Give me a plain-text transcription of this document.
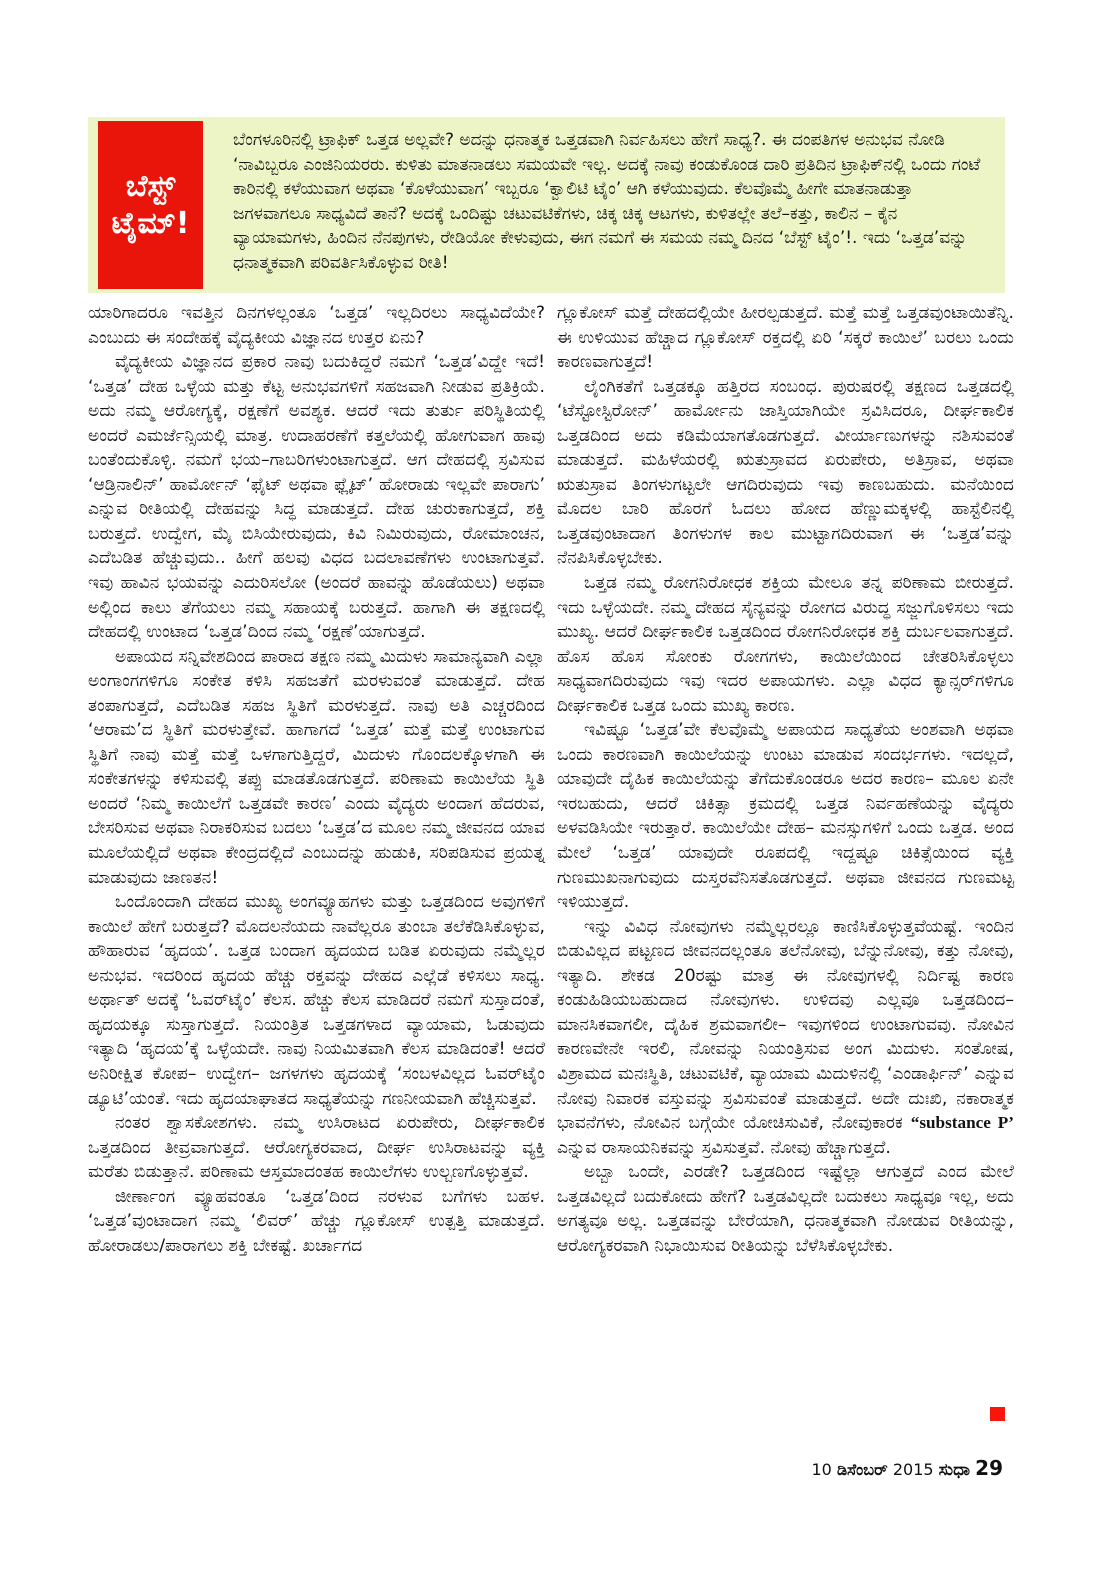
ಬೆಸ್ಟ್
ಟೈಮ್!

ಬೆಂಗಳೂರಿನಲ್ಲಿ ಟ್ರಾಫಿಕ್ ಒತ್ತಡ ಅಲ್ಲವೇ? ಅದನ್ನು ಧನಾತ್ಮಕ ಒತ್ತಡವಾಗಿ ನಿರ್ವಹಿಸಲು ಹೇಗೆ ಸಾಧ್ಯ?. ಈ ದಂಪತಿಗಳ ಅನುಭವ ನೋಡಿ ‘ನಾವಿಬ್ಬರೂ ಎಂಜಿನಿಯರರು. ಕುಳಿತು ಮಾತನಾಡಲು ಸಮಯವೇ ಇಲ್ಲ. ಅದಕ್ಕೆ ನಾವು ಕಂಡುಕೊಂಡ ದಾರಿ ಪ್ರತಿದಿನ ಟ್ರಾಫಿಕ್‌ನಲ್ಲಿ ಒಂದು ಗಂಟೆ ಕಾರಿನಲ್ಲಿ ಕಳೆಯುವಾಗ ಅಥವಾ ‘ಕೊಳೆಯುವಾಗ’ ಇಬ್ಬರೂ ‘ಕ್ವಾಲಿಟಿ ಟೈಂ’ ಆಗಿ ಕಳೆಯುವುದು. ಕೆಲವೊಮ್ಮೆ ಹೀಗೇ ಮಾತನಾಡುತ್ತಾ ಜಗಳವಾಗಲೂ ಸಾಧ್ಯವಿದೆ ತಾನೆ? ಅದಕ್ಕೆ ಒಂದಿಷ್ಟು ಚಟುವಟಿಕೆಗಳು, ಚಿಕ್ಕ ಚಿಕ್ಕ ಆಟಗಳು, ಕುಳಿತಲ್ಲೇ ತಲೆ–ಕತ್ತು, ಕಾಲಿನ – ಕೈನ ವ್ಯಾಯಾಮಗಳು, ಹಿಂದಿನ ನೆನಪುಗಳು, ರೇಡಿಯೋ ಕೇಳುವುದು, ಈಗ ನಮಗೆ ಈ ಸಮಯ ನಮ್ಮ ದಿನದ ‘ಬೆಸ್ಟ್ ಟೈಂ’!. ಇದು ‘ಒತ್ತಡ’ವನ್ನು ಧನಾತ್ಮಕವಾಗಿ ಪರಿವರ್ತಿಸಿಕೊಳ್ಳುವ ರೀತಿ!

ಯಾರಿಗಾದರೂ ಇವತ್ತಿನ ದಿನಗಳಲ್ಲಂತೂ ‘ಒತ್ತಡ’ ಇಲ್ಲದಿರಲು ಸಾಧ್ಯವಿದೆಯೇ? ಎಂಬುದು ಈ ಸಂದೇಹಕ್ಕೆ ವೈದ್ಯಕೀಯ ವಿಜ್ಞಾನದ ಉತ್ತರ ಏನು?

ವೈದ್ಯಕೀಯ ವಿಜ್ಞಾನದ ಪ್ರಕಾರ ನಾವು ಬದುಕಿದ್ದರೆ ನಮಗೆ ‘ಒತ್ತಡ’ವಿದ್ದೇ ಇದೆ! ‘ಒತ್ತಡ’ ದೇಹ ಒಳ್ಳೆಯ ಮತ್ತು ಕೆಟ್ಟ ಅನುಭವಗಳಿಗೆ ಸಹಜವಾಗಿ ನೀಡುವ ಪ್ರತಿಕ್ರಿಯೆ. ಅದು ನಮ್ಮ ಆರೋಗ್ಯಕ್ಕೆ, ರಕ್ಷಣೆಗೆ ಅವಶ್ಯಕ. ಆದರೆ ಇದು ತುರ್ತು ಪರಿಸ್ಥಿತಿಯಲ್ಲಿ ಅಂದರೆ ಎಮರ್ಜೆನ್ಸಿಯಲ್ಲಿ ಮಾತ್ರ. ಉದಾಹರಣೆಗೆ ಕತ್ತಲೆಯಲ್ಲಿ ಹೋಗುವಾಗ ಹಾವು ಬಂತೆಂದುಕೊಳ್ಳಿ. ನಮಗೆ ಭಯ–ಗಾಬರಿಗಳುಂಟಾಗುತ್ತದೆ. ಆಗ ದೇಹದಲ್ಲಿ ಸ್ರವಿಸುವ ‘ಆಡ್ರಿನಾಲಿನ್’ ಹಾರ್ಮೋನ್ ‘ಫೈಟ್ ಅಥವಾ ಫ್ಲೈಟ್’ ಹೋರಾಡು ಇಲ್ಲವೇ ಪಾರಾಗು’ ಎನ್ನುವ ರೀತಿಯಲ್ಲಿ ದೇಹವನ್ನು ಸಿದ್ಧ ಮಾಡುತ್ತದೆ. ದೇಹ ಚುರುಕಾಗುತ್ತದೆ, ಶಕ್ತಿ ಬರುತ್ತದೆ. ಉದ್ವೇಗ, ಮೈ ಬಿಸಿಯೇರುವುದು, ಕಿವಿ ನಿಮಿರುವುದು, ರೋಮಾಂಚನ, ಎದೆಬಡಿತ ಹೆಚ್ಚುವುದು.. ಹೀಗೆ ಹಲವು ವಿಧದ ಬದಲಾವಣೆಗಳು ಉಂಟಾಗುತ್ತವೆ. ಇವು ಹಾವಿನ ಭಯವನ್ನು ಎದುರಿಸಲೋ (ಅಂದರೆ ಹಾವನ್ನು ಹೊಡೆಯಲು) ಅಥವಾ ಅಲ್ಲಿಂದ ಕಾಲು ತೆಗೆಯಲು ನಮ್ಮ ಸಹಾಯಕ್ಕೆ ಬರುತ್ತದೆ. ಹಾಗಾಗಿ ಈ ತಕ್ಷಣದಲ್ಲಿ ದೇಹದಲ್ಲಿ ಉಂಟಾದ ‘ಒತ್ತಡ’ದಿಂದ ನಮ್ಮ ‘ರಕ್ಷಣೆ’ಯಾಗುತ್ತದೆ.

ಅಪಾಯದ ಸನ್ನಿವೇಶದಿಂದ ಪಾರಾದ ತಕ್ಷಣ ನಮ್ಮ ಮಿದುಳು ಸಾಮಾನ್ಯವಾಗಿ ಎಲ್ಲಾ ಅಂಗಾಂಗಗಳಿಗೂ ಸಂಕೇತ ಕಳಿಸಿ ಸಹಜತೆಗೆ ಮರಳುವಂತೆ ಮಾಡುತ್ತದೆ. ದೇಹ ತಂಪಾಗುತ್ತದೆ, ಎದೆಬಡಿತ ಸಹಜ ಸ್ಥಿತಿಗೆ ಮರಳುತ್ತದೆ. ನಾವು ಅತಿ ಎಚ್ಚರದಿಂದ ‘ಆರಾಮ’ದ ಸ್ಥಿತಿಗೆ ಮರಳುತ್ತೇವೆ. ಹಾಗಾಗದೆ ‘ಒತ್ತಡ’ ಮತ್ತೆ ಮತ್ತೆ ಉಂಟಾಗುವ ಸ್ಥಿತಿಗೆ ನಾವು ಮತ್ತೆ ಮತ್ತೆ ಒಳಗಾಗುತ್ತಿದ್ದರೆ, ಮಿದುಳು ಗೊಂದಲಕ್ಕೊಳಗಾಗಿ ಈ ಸಂಕೇತಗಳನ್ನು ಕಳಿಸುವಲ್ಲಿ ತಪ್ಪು ಮಾಡತೊಡಗುತ್ತದೆ. ಪರಿಣಾಮ ಕಾಯಿಲೆಯ ಸ್ಥಿತಿ ಅಂದರೆ ‘ನಿಮ್ಮ ಕಾಯಿಲೆಗೆ ಒತ್ತಡವೇ ಕಾರಣ’ ಎಂದು ವೈದ್ಯರು ಅಂದಾಗ ಹೆದರುವ, ಬೇಸರಿಸುವ ಅಥವಾ ನಿರಾಕರಿಸುವ ಬದಲು ‘ಒತ್ತಡ’ದ ಮೂಲ ನಮ್ಮ ಜೀವನದ ಯಾವ ಮೂಲೆಯಲ್ಲಿದೆ ಅಥವಾ ಕೇಂದ್ರದಲ್ಲಿದೆ ಎಂಬುದನ್ನು ಹುಡುಕಿ, ಸರಿಪಡಿಸುವ ಪ್ರಯತ್ನ ಮಾಡುವುದು ಜಾಣತನ!

ಒಂದೊಂದಾಗಿ ದೇಹದ ಮುಖ್ಯ ಅಂಗವ್ಯೂಹಗಳು ಮತ್ತು ಒತ್ತಡದಿಂದ ಅವುಗಳಿಗೆ ಕಾಯಿಲೆ ಹೇಗೆ ಬರುತ್ತದೆ? ಮೊದಲನೆಯದು ನಾವೆಲ್ಲರೂ ತುಂಬಾ ತಲೆಕೆಡಿಸಿಕೊಳ್ಳುವ, ಹೌಹಾರುವ ‘ಹೃದಯ’. ಒತ್ತಡ ಬಂದಾಗ ಹೃದಯದ ಬಡಿತ ಏರುವುದು ನಮ್ಮೆಲ್ಲರ ಅನುಭವ. ಇದರಿಂದ ಹೃದಯ ಹೆಚ್ಚು ರಕ್ತವನ್ನು ದೇಹದ ಎಲ್ಲೆಡೆ ಕಳಿಸಲು ಸಾಧ್ಯ. ಅರ್ಥಾತ್ ಅದಕ್ಕೆ ‘ಓವರ್‌ಟೈಂ’ ಕೆಲಸ. ಹೆಚ್ಚು ಕೆಲಸ ಮಾಡಿದರೆ ನಮಗೆ ಸುಸ್ತಾದಂತೆ, ಹೃದಯಕ್ಕೂ ಸುಸ್ತಾಗುತ್ತದೆ. ನಿಯಂತ್ರಿತ ಒತ್ತಡಗಳಾದ ವ್ಯಾಯಾಮ, ಓಡುವುದು ಇತ್ಯಾದಿ ‘ಹೃದಯ’ಕ್ಕೆ ಒಳ್ಳೆಯದೇ. ನಾವು ನಿಯಮಿತವಾಗಿ ಕೆಲಸ ಮಾಡಿದಂತೆ! ಆದರೆ ಅನಿರೀಕ್ಷಿತ ಕೋಪ– ಉದ್ವೇಗ– ಜಗಳಗಳು ಹೃದಯಕ್ಕೆ ‘ಸಂಬಳವಿಲ್ಲದ ಓವರ್‌ಟೈಂ ಡ್ಯೂಟಿ’ಯಂತೆ. ಇದು ಹೃದಯಾಘಾತದ ಸಾಧ್ಯತೆಯನ್ನು ಗಣನೀಯವಾಗಿ ಹೆಚ್ಚಿಸುತ್ತವೆ.

ನಂತರ ಶ್ವಾಸಕೋಶಗಳು. ನಮ್ಮ ಉಸಿರಾಟದ ಏರುಪೇರು, ದೀರ್ಘಕಾಲಿಕ ಒತ್ತಡದಿಂದ ತೀವ್ರವಾಗುತ್ತದೆ. ಆರೋಗ್ಯಕರವಾದ, ದೀರ್ಘ ಉಸಿರಾಟವನ್ನು ವ್ಯಕ್ತಿ ಮರೆತು ಬಿಡುತ್ತಾನೆ. ಪರಿಣಾಮ ಆಸ್ತಮಾದಂತಹ ಕಾಯಿಲೆಗಳು ಉಲ್ಬಣಗೊಳ್ಳುತ್ತವೆ.

ಜೀರ್ಣಾಂಗ ವ್ಯೂಹವಂತೂ ‘ಒತ್ತಡ’ದಿಂದ ನರಳುವ ಬಗೆಗಳು ಬಹಳ. ‘ಒತ್ತಡ’ವುಂಟಾದಾಗ ನಮ್ಮ ‘ಲಿವರ್’ ಹೆಚ್ಚು ಗ್ಲೂಕೋಸ್ ಉತ್ಪತ್ತಿ ಮಾಡುತ್ತದೆ. ಹೋರಾಡಲು/ಪಾರಾಗಲು ಶಕ್ತಿ ಬೇಕಷ್ಟೆ. ಖರ್ಚಾಗದ

ಗ್ಲೂಕೋಸ್ ಮತ್ತೆ ದೇಹದಲ್ಲಿಯೇ ಹೀರಲ್ಪಡುತ್ತದೆ. ಮತ್ತೆ ಮತ್ತೆ ಒತ್ತಡವುಂಟಾಯಿತೆನ್ನಿ. ಈ ಉಳಿಯುವ ಹೆಚ್ಚಾದ ಗ್ಲೂಕೋಸ್ ರಕ್ತದಲ್ಲಿ ಏರಿ ‘ಸಕ್ಕರೆ ಕಾಯಿಲೆ’ ಬರಲು ಒಂದು ಕಾರಣವಾಗುತ್ತದೆ!

ಲೈಂಗಿಕತೆಗೆ ಒತ್ತಡಕ್ಕೂ ಹತ್ತಿರದ ಸಂಬಂಧ. ಪುರುಷರಲ್ಲಿ ತಕ್ಷಣದ ಒತ್ತಡದಲ್ಲಿ ‘ಟೆಸ್ಟೋಸ್ಟಿರೋನ್’ ಹಾರ್ಮೋನು ಜಾಸ್ತಿಯಾಗಿಯೇ ಸ್ರವಿಸಿದರೂ, ದೀರ್ಘಕಾಲಿಕ ಒತ್ತಡದಿಂದ ಅದು ಕಡಿಮೆಯಾಗತೊಡಗುತ್ತದೆ. ವೀರ್ಯಾಣುಗಳನ್ನು ನಶಿಸುವಂತೆ ಮಾಡುತ್ತದೆ. ಮಹಿಳೆಯರಲ್ಲಿ ಋತುಸ್ರಾವದ ಏರುಪೇರು, ಅತಿಸ್ರಾವ, ಅಥವಾ ಋತುಸ್ರಾವ ತಿಂಗಳುಗಟ್ಟಲೇ ಆಗದಿರುವುದು ಇವು ಕಾಣಬಹುದು. ಮನೆಯಿಂದ ಮೊದಲ ಬಾರಿ ಹೊರಗೆ ಓದಲು ಹೋದ ಹೆಣ್ಣುಮಕ್ಕಳಲ್ಲಿ ಹಾಸ್ಟೆಲಿನಲ್ಲಿ ಒತ್ತಡವುಂಟಾದಾಗ ತಿಂಗಳುಗಳ ಕಾಲ ಮುಟ್ಟಾಗದಿರುವಾಗ ಈ ‘ಒತ್ತಡ’ವನ್ನು ನೆನಪಿಸಿಕೊಳ್ಳಬೇಕು.

ಒತ್ತಡ ನಮ್ಮ ರೋಗನಿರೋಧಕ ಶಕ್ತಿಯ ಮೇಲೂ ತನ್ನ ಪರಿಣಾಮ ಬೀರುತ್ತದೆ. ಇದು ಒಳ್ಳೆಯದೇ. ನಮ್ಮ ದೇಹದ ಸೈನ್ಯವನ್ನು ರೋಗದ ವಿರುದ್ಧ ಸಜ್ಜುಗೊಳಿಸಲು ಇದು ಮುಖ್ಯ. ಆದರೆ ದೀರ್ಘಕಾಲಿಕ ಒತ್ತಡದಿಂದ ರೋಗನಿರೋಧಕ ಶಕ್ತಿ ದುರ್ಬಲವಾಗುತ್ತದೆ. ಹೊಸ ಹೊಸ ಸೋಂಕು ರೋಗಗಳು, ಕಾಯಿಲೆಯಿಂದ ಚೇತರಿಸಿಕೊಳ್ಳಲು ಸಾಧ್ಯವಾಗದಿರುವುದು ಇವು ಇದರ ಅಪಾಯಗಳು. ಎಲ್ಲಾ ವಿಧದ ಕ್ಯಾನ್ಸರ್‌ಗಳಿಗೂ ದೀರ್ಘಕಾಲಿಕ ಒತ್ತಡ ಒಂದು ಮುಖ್ಯ ಕಾರಣ.

ಇವಿಷ್ಟೂ ‘ಒತ್ತಡ’ವೇ ಕೆಲವೊಮ್ಮೆ ಅಪಾಯದ ಸಾಧ್ಯತೆಯ ಅಂಶವಾಗಿ ಅಥವಾ ಒಂದು ಕಾರಣವಾಗಿ ಕಾಯಿಲೆಯನ್ನು ಉಂಟು ಮಾಡುವ ಸಂದರ್ಭಗಳು. ಇದಲ್ಲದೆ, ಯಾವುದೇ ದೈಹಿಕ ಕಾಯಿಲೆಯನ್ನು ತೆಗೆದುಕೊಂಡರೂ ಅದರ ಕಾರಣ– ಮೂಲ ಏನೇ ಇರಬಹುದು, ಆದರೆ ಚಿಕಿತ್ಸಾ ಕ್ರಮದಲ್ಲಿ ಒತ್ತಡ ನಿರ್ವಹಣೆಯನ್ನು ವೈದ್ಯರು ಅಳವಡಿಸಿಯೇ ಇರುತ್ತಾರೆ. ಕಾಯಿಲೆಯೇ ದೇಹ– ಮನಸ್ಸುಗಳಿಗೆ ಒಂದು ಒತ್ತಡ. ಅಂದ ಮೇಲೆ ‘ಒತ್ತಡ’ ಯಾವುದೇ ರೂಪದಲ್ಲಿ ಇದ್ದಷ್ಟೂ ಚಿಕಿತ್ಸೆಯಿಂದ ವ್ಯಕ್ತಿ ಗುಣಮುಖನಾಗುವುದು ದುಸ್ತರವೆನಿಸತೊಡಗುತ್ತದೆ. ಅಥವಾ ಜೀವನದ ಗುಣಮಟ್ಟ ಇಳಿಯುತ್ತದೆ.

ಇನ್ನು ವಿವಿಧ ನೋವುಗಳು ನಮ್ಮೆಲ್ಲರಲ್ಲೂ ಕಾಣಿಸಿಕೊಳ್ಳುತ್ತವೆಯಷ್ಟೆ. ಇಂದಿನ ಬಿಡುವಿಲ್ಲದ ಪಟ್ಟಣದ ಜೀವನದಲ್ಲಂತೂ ತಲೆನೋವು, ಬೆನ್ನುನೋವು, ಕತ್ತು ನೋವು, ಇತ್ಯಾದಿ. ಶೇಕಡ 20ರಷ್ಟು ಮಾತ್ರ ಈ ನೋವುಗಳಲ್ಲಿ ನಿರ್ದಿಷ್ಟ ಕಾರಣ ಕಂಡುಹಿಡಿಯಬಹುದಾದ ನೋವುಗಳು. ಉಳಿದವು ಎಲ್ಲವೂ ಒತ್ತಡದಿಂದ– ಮಾನಸಿಕವಾಗಲೀ, ದೈಹಿಕ ಶ್ರಮವಾಗಲೀ– ಇವುಗಳಿಂದ ಉಂಟಾಗುವವು. ನೋವಿನ ಕಾರಣವೇನೇ ಇರಲಿ, ನೋವನ್ನು ನಿಯಂತ್ರಿಸುವ ಅಂಗ ಮಿದುಳು. ಸಂತೋಷ, ವಿಶ್ರಾಮದ ಮನಃಸ್ಥಿತಿ, ಚಟುವಟಿಕೆ, ವ್ಯಾಯಾಮ ಮಿದುಳಿನಲ್ಲಿ ‘ಎಂಡಾರ್ಫಿನ್’ ಎನ್ನುವ ನೋವು ನಿವಾರಕ ವಸ್ತುವನ್ನು ಸ್ರವಿಸುವಂತೆ ಮಾಡುತ್ತದೆ. ಅದೇ ದುಃಖಿ, ನಕಾರಾತ್ಮಕ ಭಾವನೆಗಳು, ನೋವಿನ ಬಗ್ಗೆಯೇ ಯೋಚಿಸುವಿಕೆ, ನೋವುಕಾರಕ “substance P’ ಎನ್ನುವ ರಾಸಾಯನಿಕವನ್ನು ಸ್ರವಿಸುತ್ತವೆ. ನೋವು ಹೆಚ್ಚಾಗುತ್ತದೆ.

ಅಬ್ಬಾ ಒಂದೇ, ಎರಡೇ? ಒತ್ತಡದಿಂದ ಇಷ್ಟೆಲ್ಲಾ ಆಗುತ್ತದೆ ಎಂದ ಮೇಲೆ ಒತ್ತಡವಿಲ್ಲದೆ ಬದುಕೋದು ಹೇಗೆ? ಒತ್ತಡವಿಲ್ಲದೇ ಬದುಕಲು ಸಾಧ್ಯವೂ ಇಲ್ಲ, ಅದು ಅಗತ್ಯವೂ ಅಲ್ಲ. ಒತ್ತಡವನ್ನು ಬೇರೆಯಾಗಿ, ಧನಾತ್ಮಕವಾಗಿ ನೋಡುವ ರೀತಿಯನ್ನು, ಆರೋಗ್ಯಕರವಾಗಿ ನಿಭಾಯಿಸುವ ರೀತಿಯನ್ನು ಬೆಳೆಸಿಕೊಳ್ಳಬೇಕು.

10 ಡಿಸೆಂಬರ್ 2015 ಸುಧಾ 29
